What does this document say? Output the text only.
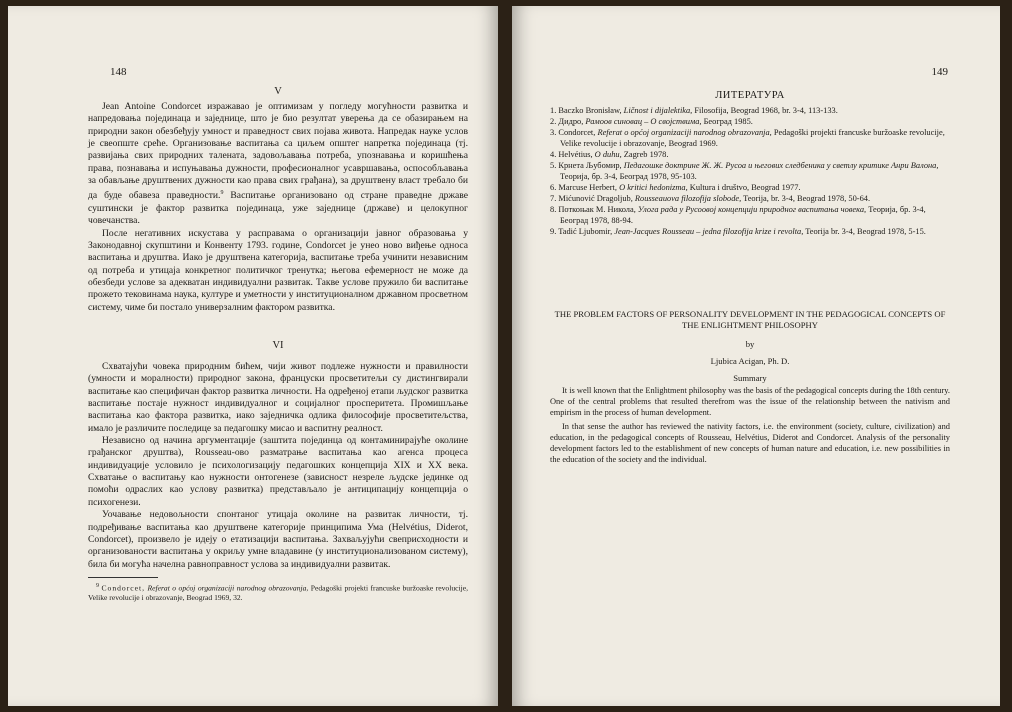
148
V

Jean Antoine Condorcet изражавао је оптимизам у погледу могућности развитка и напредовања појединаца и заједнице, што је био резултат уверења да се обазирањем на природни закон обезбеђују умност и праведност свих појава живота. Напредак науке услов је свеопште среће. Организовање васпитања са циљем општег напретка појединаца (тј. развијања свих природних талената, задовољавања потреба, упознавања и коришћења права, познавања и испуњавања дужности, професионалног усавршавања, оспособљавања за обављање друштвених дужности као права свих грађана), за друштвену власт требало би да буде обавеза праведности.$^9$ Васпитање организовано од стране праведне државе суштински је фактор развитка појединаца, уже заједнице (државе) и целокупног човечанства.

После негативних искустава у расправама о организацији јавног образовања у Законодавној скупштини и Конвенту 1793. године, Condorcet је унео ново виђење односа васпитања и друштва. Иако је друштвена категорија, васпитање треба учинити независним од потреба и утицаја конкретног политичког тренутка; његова ефемерност не може да обезбеди услове за адекватан индивидуални развитак. Такве услове пружило би васпитање прожето тековинама наука, културе и уметности у институционалном државном просветном систему, чиме би постало универзалним фактором развитка.

VI

Схватајући човека природним бићем, чији живот подлеже нужности и правилности (умности и моралности) природног закона, француски просветитељи су дистингвирали васпитање као специфичан фактор развитка личности. На одређеној етапи људског развитка васпитање постаје нужност индивидуалног и социјалног просперитета. Промишљање васпитања као фактора развитка, иако заједничка одлика философије просветитељства, имало је различите последице за педагошку мисао и васпитну реалност.

Независно од начина аргументације (заштита појединца од контаминирајуће околине грађанског друштва), Rousseau-ово разматрање васпитања као агенса процеса индивидуације условило је психологизацију педагошких концепција XIX и XX века. Схватање о васпитању као нужности онтогенезе (зависност незреле људске јединке од помоћи одраслих као услову развитка) представљало је антиципацију концепција о психогенези.

Уочавање недовољности спонтаног утицаја околине на развитак личности, тј. подређивање васпитања као друштвене категорије принципима Ума (Helvétius, Diderot, Condorcet), произвело је идеју о етатизацији васпитања. Захваљујући свеприсходности и организованости васпитања у окриљу умне владавине (у институционализованом систему), била би могућа начелна равноправност услова за индивидуални развитак.

$^9$ Condorcet, Referat o općoj organizaciji narodnog obrazovanja, Pedagoški projekti francuske buržoaske revolucije, Velike revolucije i obrazovanje, Beograd 1969, 32.

149
ЛИТЕРАТУРА
1. Baczko Bronisław, Ličnost i dijalektika, Filosofija, Beograd 1968, br. 3-4, 113-133.
2. Дидро, Рамоов синовац – О својствима, Београд 1985.
3. Condorcet, Referat o općoj organizaciji narodnog obrazovanja, Pedagoški projekti francuske buržoaske revolucije, Velike revolucije i obrazovanje, Beograd 1969.
4. Helvétius, O duhu, Zagreb 1978.
5. Крнета Љубомир, Педагошке доктрине Ж. Ж. Русоа и његових следбеника у светлу критике Анри Валона, Теорија, бр. 3-4, Београд 1978, 95-103.
6. Marcuse Herbert, O kritici hedonizma, Kultura i društvo, Beograd 1977.
7. Mićunović Dragoljub, Rousseauova filozofija slobode, Teorija, br. 3-4, Beograd 1978, 50-64.
8. Поткоњак М. Никола, Улога рада у Русоовој концепцији природног васпитања човека, Теорија, бр. 3-4, Београд 1978, 88-94.
9. Tadić Ljubomir, Jean-Jacques Rousseau – jedna filozofija krize i revolta, Teorija br. 3-4, Beograd 1978, 5-15.
THE PROBLEM FACTORS OF PERSONALITY DEVELOPMENT IN THE PEDAGOGICAL CONCEPTS OF THE ENLIGHTMENT PHILOSOPHY
by
Ljubica Acigan, Ph. D.
Summary

It is well known that the Enlightment philosophy was the basis of the pedagogical concepts during the 18th century. One of the central problems that resulted therefrom was the issue of the relationship between the nativism and empirism in the process of human development.

In that sense the author has reviewed the nativity factors, i.e. the environment (society, culture, civilization) and education, in the pedagogical concepts of Rousseau, Helvétius, Diderot and Condorcet. Analysis of the personality development factors led to the establishment of new concepts of human nature and education, i.e. new possibilities in the education of the society and the individual.
